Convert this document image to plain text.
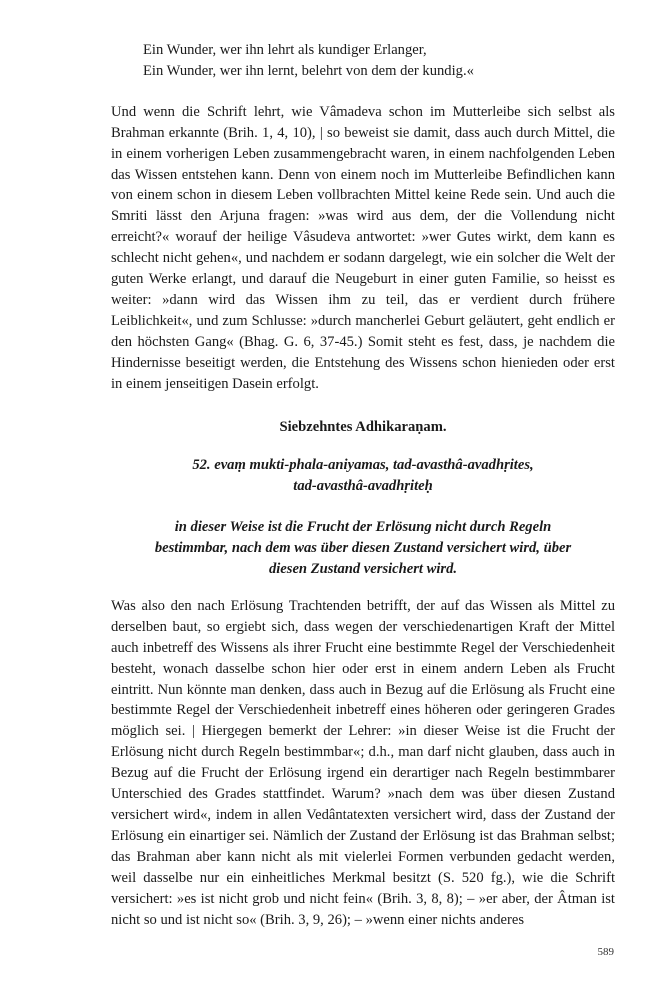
Ein Wunder, wer ihn lehrt als kundiger Erlanger,
Ein Wunder, wer ihn lernt, belehrt von dem der kundig.«

Und wenn die Schrift lehrt, wie Vâmadeva schon im Mutterleibe sich selbst als Brahman erkannte (Brih. 1, 4, 10), | so beweist sie damit, dass auch durch Mittel, die in einem vorherigen Leben zusammengebracht waren, in einem nachfolgenden Leben das Wissen entstehen kann. Denn von einem noch im Mutterleibe Befindlichen kann von einem schon in diesem Leben vollbrachten Mittel keine Rede sein. Und auch die Smriti lässt den Arjuna fragen: »was wird aus dem, der die Vollendung nicht erreicht?« worauf der heilige Vâsudeva antwortet: »wer Gutes wirkt, dem kann es schlecht nicht gehen«, und nachdem er sodann dargelegt, wie ein solcher die Welt der guten Werke erlangt, und darauf die Neugeburt in einer guten Familie, so heisst es weiter: »dann wird das Wissen ihm zu teil, das er verdient durch frühere Leiblichkeit«, und zum Schlusse: »durch mancherlei Geburt geläutert, geht endlich er den höchsten Gang« (Bhag. G. 6, 37-45.) Somit steht es fest, dass, je nachdem die Hindernisse beseitigt werden, die Entstehung des Wissens schon hienieden oder erst in einem jenseitigen Dasein erfolgt.

Siebzehntes Adhikaraṇam.
52. evaṃ mukti-phala-aniyamas, tad-avasthâ-avadhṛites,
tad-avasthâ-avadhṛiteḥ
in dieser Weise ist die Frucht der Erlösung nicht durch Regeln
bestimmbar, nach dem was über diesen Zustand versichert wird, über
diesen Zustand versichert wird.

Was also den nach Erlösung Trachtenden betrifft, der auf das Wissen als Mittel zu derselben baut, so ergiebt sich, dass wegen der verschiedenartigen Kraft der Mittel auch inbetreff des Wissens als ihrer Frucht eine bestimmte Regel der Verschiedenheit besteht, wonach dasselbe schon hier oder erst in einem andern Leben als Frucht eintritt. Nun könnte man denken, dass auch in Bezug auf die Erlösung als Frucht eine bestimmte Regel der Verschiedenheit inbetreff eines höheren oder geringeren Grades möglich sei. | Hiergegen bemerkt der Lehrer: »in dieser Weise ist die Frucht der Erlösung nicht durch Regeln bestimmbar«; d.h., man darf nicht glauben, dass auch in Bezug auf die Frucht der Erlösung irgend ein derartiger nach Regeln bestimmbarer Unterschied des Grades stattfindet. Warum? »nach dem was über diesen Zustand versichert wird«, indem in allen Vedântatexten versichert wird, dass der Zustand der Erlösung ein einartiger sei. Nämlich der Zustand der Erlösung ist das Brahman selbst; das Brahman aber kann nicht als mit vielerlei Formen verbunden gedacht werden, weil dasselbe nur ein einheitliches Merkmal besitzt (S. 520 fg.), wie die Schrift versichert: »es ist nicht grob und nicht fein« (Brih. 3, 8, 8); – »er aber, der Âtman ist nicht so und ist nicht so« (Brih. 3, 9, 26); – »wenn einer nichts anderes

589
